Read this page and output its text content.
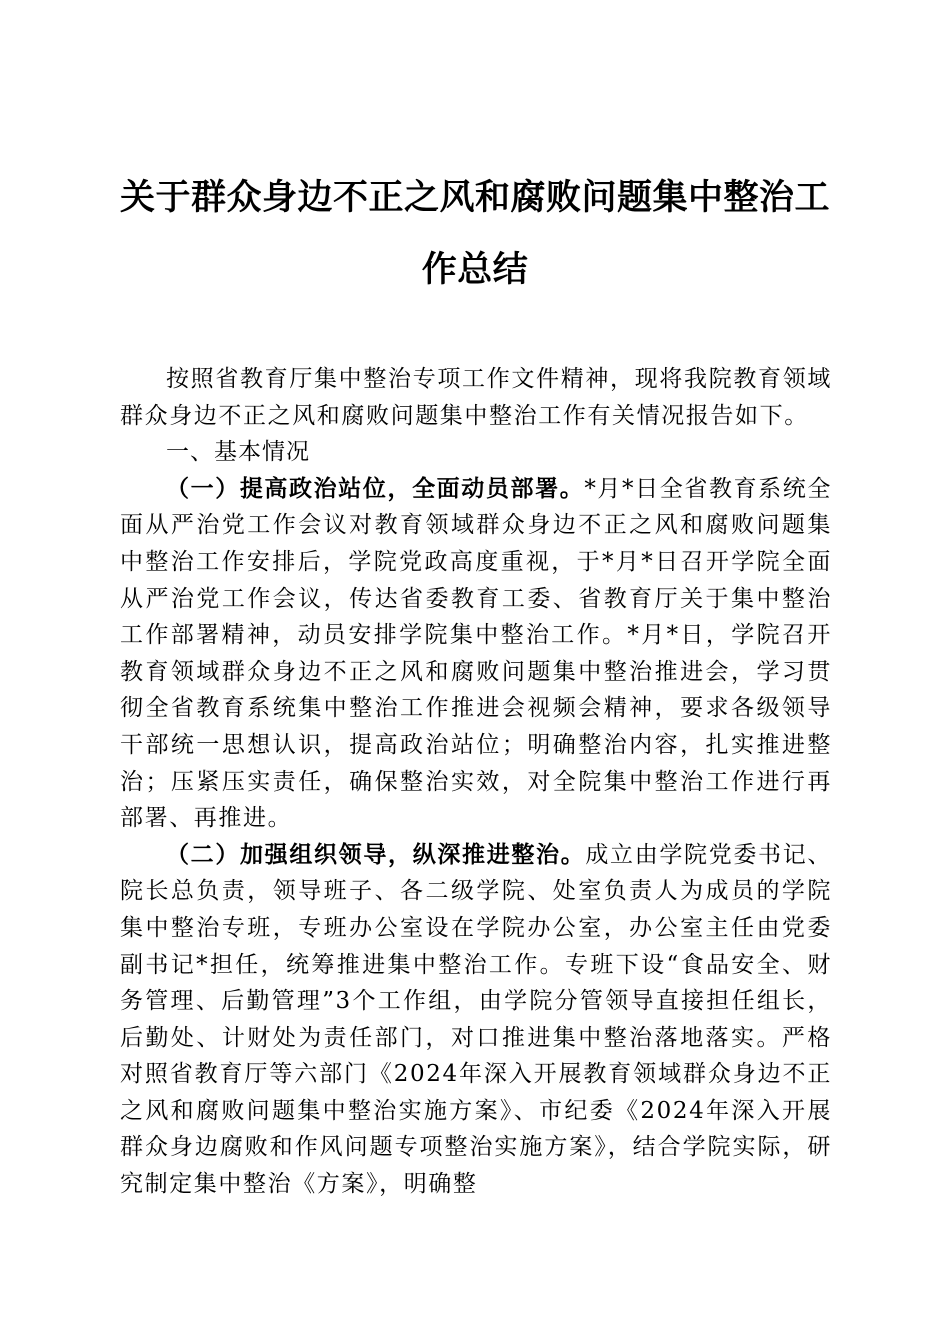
关于群众身边不正之风和腐败问题集中整治工作总结

按照省教育厅集中整治专项工作文件精神，现将我院教育领域群众身边不正之风和腐败问题集中整治工作有关情况报告如下。

一、基本情况

（一）提高政治站位，全面动员部署。*月*日全省教育系统全面从严治党工作会议对教育领域群众身边不正之风和腐败问题集中整治工作安排后，学院党政高度重视，于*月*日召开学院全面从严治党工作会议，传达省委教育工委、省教育厅关于集中整治工作部署精神，动员安排学院集中整治工作。*月*日，学院召开教育领域群众身边不正之风和腐败问题集中整治推进会，学习贯彻全省教育系统集中整治工作推进会视频会精神，要求各级领导干部统一思想认识，提高政治站位；明确整治内容，扎实推进整治；压紧压实责任，确保整治实效，对全院集中整治工作进行再部署、再推进。

（二）加强组织领导，纵深推进整治。成立由学院党委书记、院长总负责，领导班子、各二级学院、处室负责人为成员的学院集中整治专班，专班办公室设在学院办公室，办公室主任由党委副书记*担任，统筹推进集中整治工作。专班下设“食品安全、财务管理、后勤管理”3个工作组，由学院分管领导直接担任组长，后勤处、计财处为责任部门，对口推进集中整治落地落实。严格对照省教育厅等六部门《2024年深入开展教育领域群众身边不正之风和腐败问题集中整治实施方案》、市纪委《2024年深入开展群众身边腐败和作风问题专项整治实施方案》，结合学院实际，研究制定集中整治《方案》，明确整
